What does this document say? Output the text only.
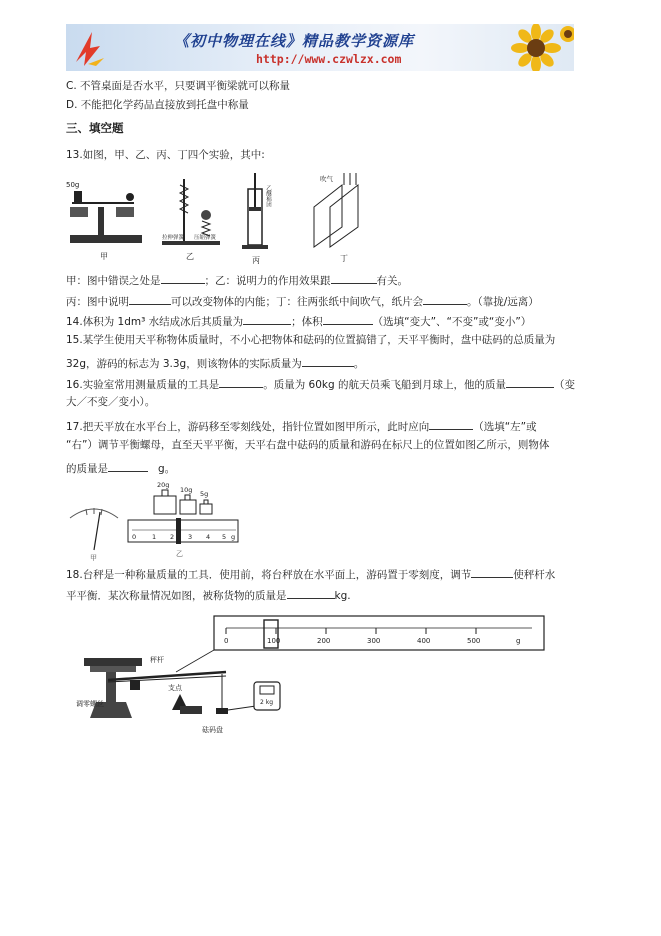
《初中物理在线》精品教学资源库
http://www.czwlzx.com
C. 不管桌面是否水平，只要调平衡梁就可以称量
D. 不能把化学药品直接放到托盘中称量
三、填空题
13.如图，甲、乙、丙、丁四个实验，其中:
50g
甲
拉伸弹簧 压缩弹簧
乙
乙醚棉团
丙
吹气
丁
甲：图中错误之处是	；乙：说明力的作用效果跟	有关。
丙：图中说明	可以改变物体的内能；丁：往两张纸中间吹气，纸片会	。（靠拢/远离）
14.体积为 1dm³ 水结成冰后其质量为	；体积	（选填“变大”、“不变”或“变小”）
15.某学生使用天平称物体质量时，不小心把物体和砝码的位置搞错了，天平平衡时，盘中砝码的总质量为
32g，游码的标志为 3.3g，则该物体的实际质量为	。
16.实验室常用测量质量的工具是	。质量为 60kg 的航天员乘飞船到月球上，他的质量	（变
大／不变／变小）。
17.把天平放在水平台上，游码移至零刻线处，指针位置如图甲所示，此时应向	（选填“左”或
“右”）调节平衡螺母，直至天平平衡，天平右盘中砝码的质量和游码在标尺上的位置如图乙所示，则物体
的质量是	g。
甲
20g
10g 5g
0 1 2 3 4 5 g
乙
18.台秤是一种称量质量的工具．使用前，将台秤放在水平面上，游码置于零刻度，调节	使秤杆水
平平衡．某次称量情况如图，被称货物的质量是	kg.
0	100	200	300	400	500	g
秤杆
支点
调零螺丝	2 kg
砝码盘
